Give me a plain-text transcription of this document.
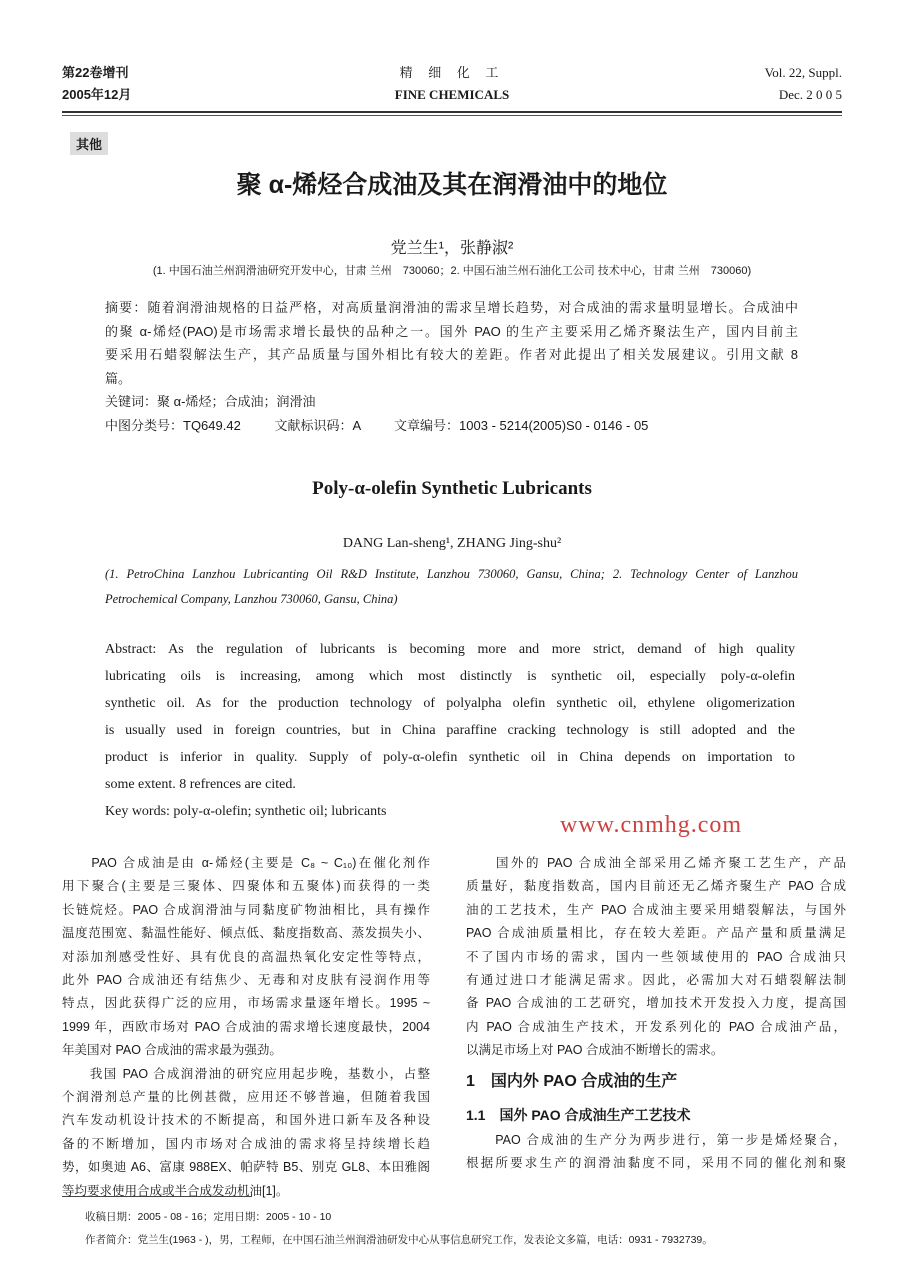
第22卷增刊
2005年12月
精 细 化 工
FINE CHEMICALS
Vol. 22, Suppl.
Dec. 2 0 0 5
其他
聚 α-烯烃合成油及其在润滑油中的地位
党兰生¹，张静淑²
(1. 中国石油兰州润滑油研究开发中心，甘肃 兰州　730060；2. 中国石油兰州石油化工公司 技术中心，甘肃 兰州　730060)
摘要：随着润滑油规格的日益严格，对高质量润滑油的需求呈增长趋势，对合成油的需求量明显增长。合成油中
的聚 α-烯烃(PAO)是市场需求增长最快的品种之一。国外 PAO 的生产主要采用乙烯齐聚法生产，国内目前主
要采用石蜡裂解法生产，其产品质量与国外相比有较大的差距。作者对此提出了相关发展建议。引用文献 8
篇。
关键词：聚 α-烯烃；合成油；润滑油
中图分类号：TQ649.42	文献标识码：A	文章编号：1003 - 5214(2005)S0 - 0146 - 05
Poly-α-olefin Synthetic Lubricants
DANG Lan-sheng¹, ZHANG Jing-shu²
(1. PetroChina Lanzhou Lubricanting Oil R&D Institute, Lanzhou 730060, Gansu, China; 2. Technology Center of Lanzhou
Petrochemical Company, Lanzhou 730060, Gansu, China)
Abstract: As the regulation of lubricants is becoming more and more strict, demand of high quality
lubricating oils is increasing, among which most distinctly is synthetic oil, especially poly-α-olefin
synthetic oil. As for the production technology of polyalpha olefin synthetic oil, ethylene oligomerization
is usually used in foreign countries, but in China paraffine cracking technology is still adopted and the
product is inferior in quality. Supply of poly-α-olefin synthetic oil in China depends on importation to
some extent. 8 refrences are cited.
Key words: poly-α-olefin; synthetic oil; lubricants
　　PAO 合成油是由 α-烯烃(主要是 C₈ ~ C₁₀)在催化剂作
用下聚合(主要是三聚体、四聚体和五聚体)而获得的一类
长链烷烃。PAO 合成润滑油与同黏度矿物油相比，具有操作
温度范围宽、黏温性能好、倾点低、黏度指数高、蒸发损失小、
对添加剂感受性好、具有优良的高温热氧化安定性等特点，
此外 PAO 合成油还有结焦少、无毒和对皮肤有浸润作用等
特点，因此获得广泛的应用，市场需求量逐年增长。1995 ~
1999 年，西欧市场对 PAO 合成油的需求增长速度最快，2004
年美国对 PAO 合成油的需求最为强劲。
　　我国 PAO 合成润滑油的研究应用起步晚，基数小，占整
个润滑剂总产量的比例甚微，应用还不够普遍，但随着我国
汽车发动机设计技术的不断提高，和国外进口新车及各种设
备的不断增加，国内市场对合成油的需求将呈持续增长趋
势，如奥迪 A6、富康 988EX、帕萨特 B5、别克 GL8、本田雅阁
等均要求使用合成或半合成发动机油[1]。
　　国外的 PAO 合成油全部采用乙烯齐聚工艺生产，产品
质量好，黏度指数高，国内目前还无乙烯齐聚生产 PAO 合成
油的工艺技术，生产 PAO 合成油主要采用蜡裂解法，与国外
PAO 合成油质量相比，存在较大差距。产品产量和质量满足
不了国内市场的需求，国内一些领域使用的 PAO 合成油只
有通过进口才能满足需求。因此，必需加大对石蜡裂解法制
备 PAO 合成油的工艺研究，增加技术开发投入力度，提高国
内 PAO 合成油生产技术，开发系列化的 PAO 合成油产品，
以满足市场上对 PAO 合成油不断增长的需求。
1　国内外 PAO 合成油的生产
1.1　国外 PAO 合成油生产工艺技术
　　PAO 合成油的生产分为两步进行，第一步是烯烃聚合，
根据所要求生产的润滑油黏度不同，采用不同的催化剂和聚
收稿日期：2005 - 08 - 16；定用日期：2005 - 10 - 10
作者简介：党兰生(1963 - )，男，工程师，在中国石油兰州润滑油研发中心从事信息研究工作，发表论文多篇，电话：0931 - 7932739。
www.cnmhg.com
